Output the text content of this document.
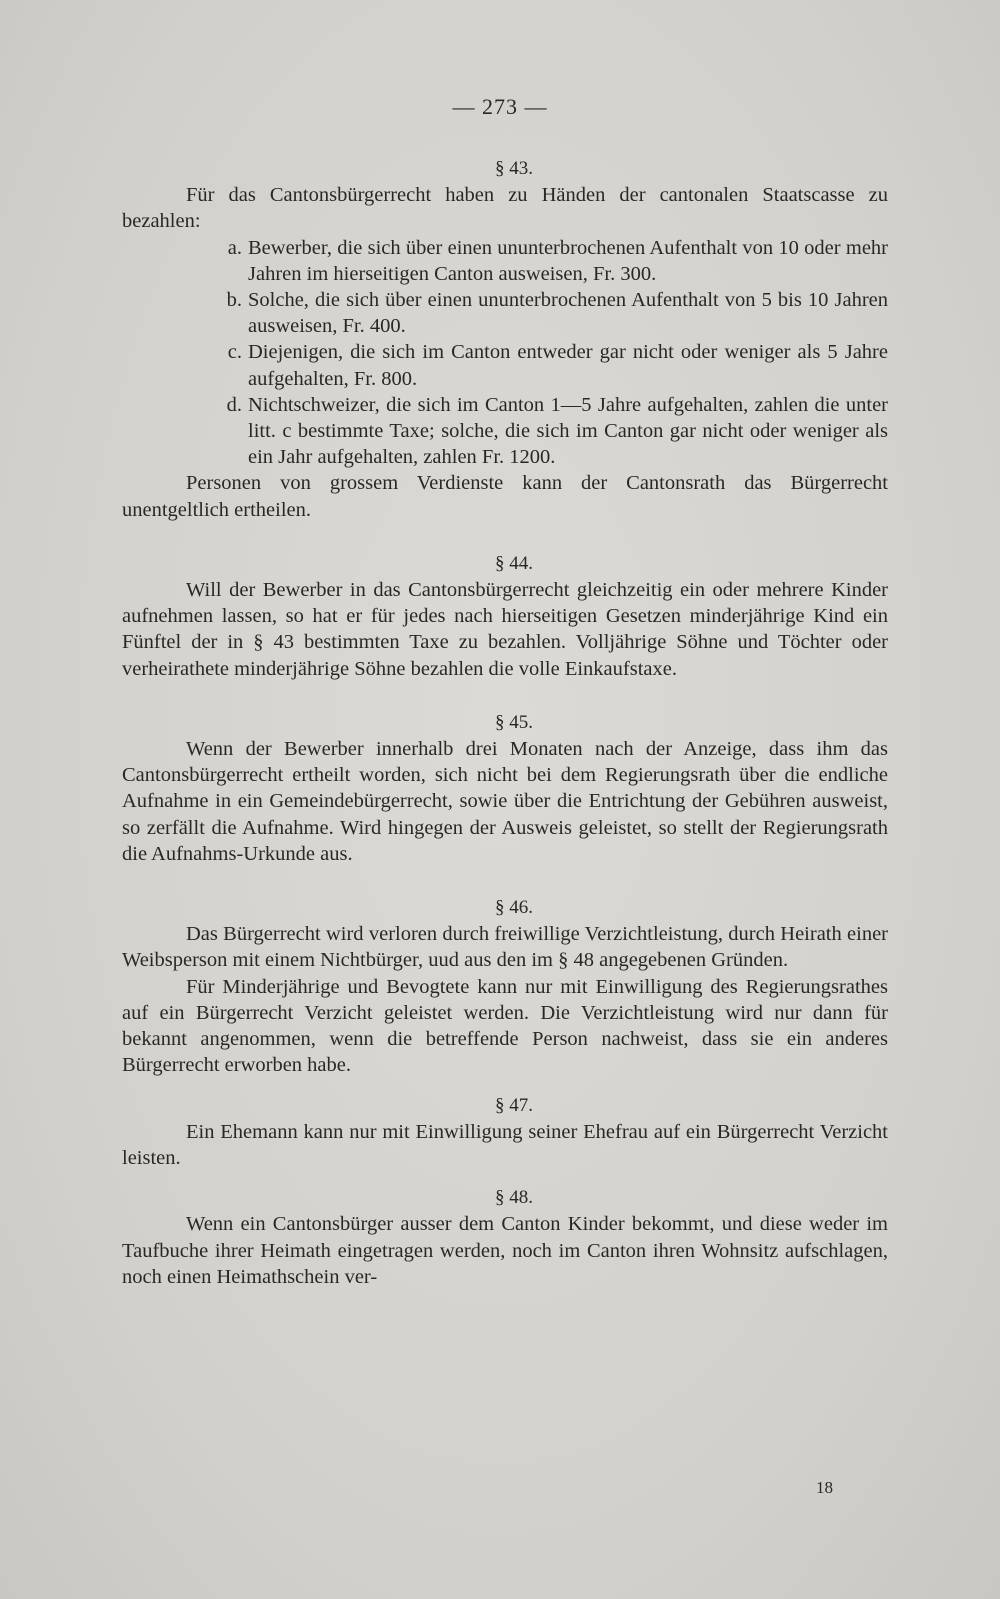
— 273 —
§ 43.

Für das Cantonsbürgerrecht haben zu Händen der cantonalen Staatscasse zu bezahlen:

a. Bewerber, die sich über einen ununterbrochenen Aufenthalt von 10 oder mehr Jahren im hierseitigen Canton ausweisen, Fr. 300.
b. Solche, die sich über einen ununterbrochenen Aufenthalt von 5 bis 10 Jahren ausweisen, Fr. 400.
c. Diejenigen, die sich im Canton entweder gar nicht oder weniger als 5 Jahre aufgehalten, Fr. 800.
d. Nichtschweizer, die sich im Canton 1—5 Jahre aufgehalten, zahlen die unter litt. c bestimmte Taxe; solche, die sich im Canton gar nicht oder weniger als ein Jahr aufgehalten, zahlen Fr. 1200.

Personen von grossem Verdienste kann der Cantonsrath das Bürgerrecht unentgeltlich ertheilen.

§ 44.

Will der Bewerber in das Cantonsbürgerrecht gleichzeitig ein oder mehrere Kinder aufnehmen lassen, so hat er für jedes nach hierseitigen Gesetzen minderjährige Kind ein Fünftel der in § 43 bestimmten Taxe zu bezahlen. Volljährige Söhne und Töchter oder verheirathete minderjährige Söhne bezahlen die volle Einkaufstaxe.

§ 45.

Wenn der Bewerber innerhalb drei Monaten nach der Anzeige, dass ihm das Cantonsbürgerrecht ertheilt worden, sich nicht bei dem Regierungsrath über die endliche Aufnahme in ein Gemeindebürgerrecht, sowie über die Entrichtung der Gebühren ausweist, so zerfällt die Aufnahme. Wird hingegen der Ausweis geleistet, so stellt der Regierungsrath die Aufnahms-Urkunde aus.

§ 46.

Das Bürgerrecht wird verloren durch freiwillige Verzichtleistung, durch Heirath einer Weibsperson mit einem Nichtbürger, uud aus den im § 48 angegebenen Gründen.

Für Minderjährige und Bevogtete kann nur mit Einwilligung des Regierungsrathes auf ein Bürgerrecht Verzicht geleistet werden. Die Verzichtleistung wird nur dann für bekannt angenommen, wenn die betreffende Person nachweist, dass sie ein anderes Bürgerrecht erworben habe.

§ 47.

Ein Ehemann kann nur mit Einwilligung seiner Ehefrau auf ein Bürgerrecht Verzicht leisten.

§ 48.

Wenn ein Cantonsbürger ausser dem Canton Kinder bekommt, und diese weder im Taufbuche ihrer Heimath eingetragen werden, noch im Canton ihren Wohnsitz aufschlagen, noch einen Heimathschein ver-

18
